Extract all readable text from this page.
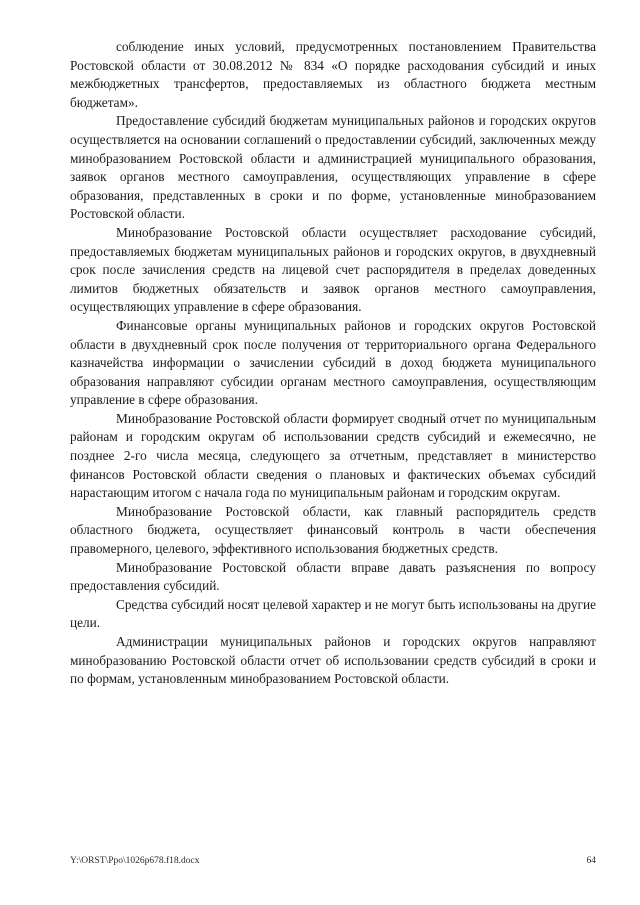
соблюдение иных условий, предусмотренных постановлением Правительства Ростовской области от 30.08.2012 № 834 «О порядке расходования субсидий и иных межбюджетных трансфертов, предоставляемых из областного бюджета местным бюджетам».

Предоставление субсидий бюджетам муниципальных районов и городских округов осуществляется на основании соглашений о предоставлении субсидий, заключенных между минобразованием Ростовской области и администрацией муниципального образования, заявок органов местного самоуправления, осуществляющих управление в сфере образования, представленных в сроки и по форме, установленные минобразованием Ростовской области.

Минобразование Ростовской области осуществляет расходование субсидий, предоставляемых бюджетам муниципальных районов и городских округов, в двухдневный срок после зачисления средств на лицевой счет распорядителя в пределах доведенных лимитов бюджетных обязательств и заявок органов местного самоуправления, осуществляющих управление в сфере образования.

Финансовые органы муниципальных районов и городских округов Ростовской области в двухдневный срок после получения от территориального органа Федерального казначейства информации о зачислении субсидий в доход бюджета муниципального образования направляют субсидии органам местного самоуправления, осуществляющим управление в сфере образования.

Минобразование Ростовской области формирует сводный отчет по муниципальным районам и городским округам об использовании средств субсидий и ежемесячно, не позднее 2-го числа месяца, следующего за отчетным, представляет в министерство финансов Ростовской области сведения о плановых и фактических объемах субсидий нарастающим итогом с начала года по муниципальным районам и городским округам.

Минобразование Ростовской области, как главный распорядитель средств областного бюджета, осуществляет финансовый контроль в части обеспечения правомерного, целевого, эффективного использования бюджетных средств.

Минобразование Ростовской области вправе давать разъяснения по вопросу предоставления субсидий.

Средства субсидий носят целевой характер и не могут быть использованы на другие цели.

Администрации муниципальных районов и городских округов направляют минобразованию Ростовской области отчет об использовании средств субсидий в сроки и по формам, установленным минобразованием Ростовской области.

Y:\ORST\Ppo\1026p678.f18.docx	64
